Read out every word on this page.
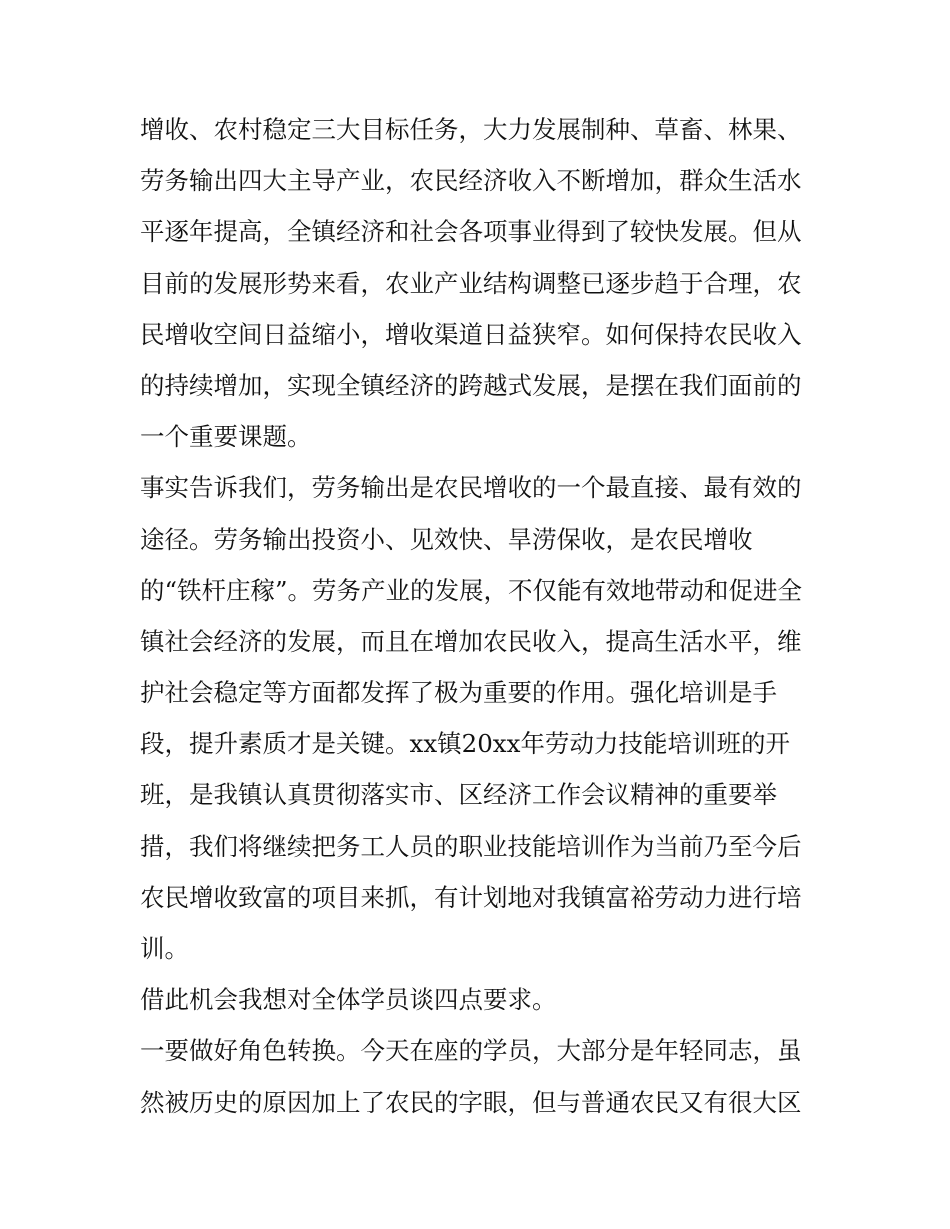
增收、农村稳定三大目标任务，大力发展制种、草畜、林果、
劳务输出四大主导产业，农民经济收入不断增加，群众生活水
平逐年提高，全镇经济和社会各项事业得到了较快发展。但从
目前的发展形势来看，农业产业结构调整已逐步趋于合理，农
民增收空间日益缩小，增收渠道日益狭窄。如何保持农民收入
的持续增加，实现全镇经济的跨越式发展，是摆在我们面前的
一个重要课题。
事实告诉我们，劳务输出是农民增收的一个最直接、最有效的
途径。劳务输出投资小、见效快、旱涝保收，是农民增收
的“铁杆庄稼”。劳务产业的发展，不仅能有效地带动和促进全
镇社会经济的发展，而且在增加农民收入，提高生活水平，维
护社会稳定等方面都发挥了极为重要的作用。强化培训是手
段，提升素质才是关键。xx镇20xx年劳动力技能培训班的开
班，是我镇认真贯彻落实市、区经济工作会议精神的重要举
措，我们将继续把务工人员的职业技能培训作为当前乃至今后
农民增收致富的项目来抓，有计划地对我镇富裕劳动力进行培
训。
借此机会我想对全体学员谈四点要求。
一要做好角色转换。今天在座的学员，大部分是年轻同志，虽
然被历史的原因加上了农民的字眼，但与普通农民又有很大区
